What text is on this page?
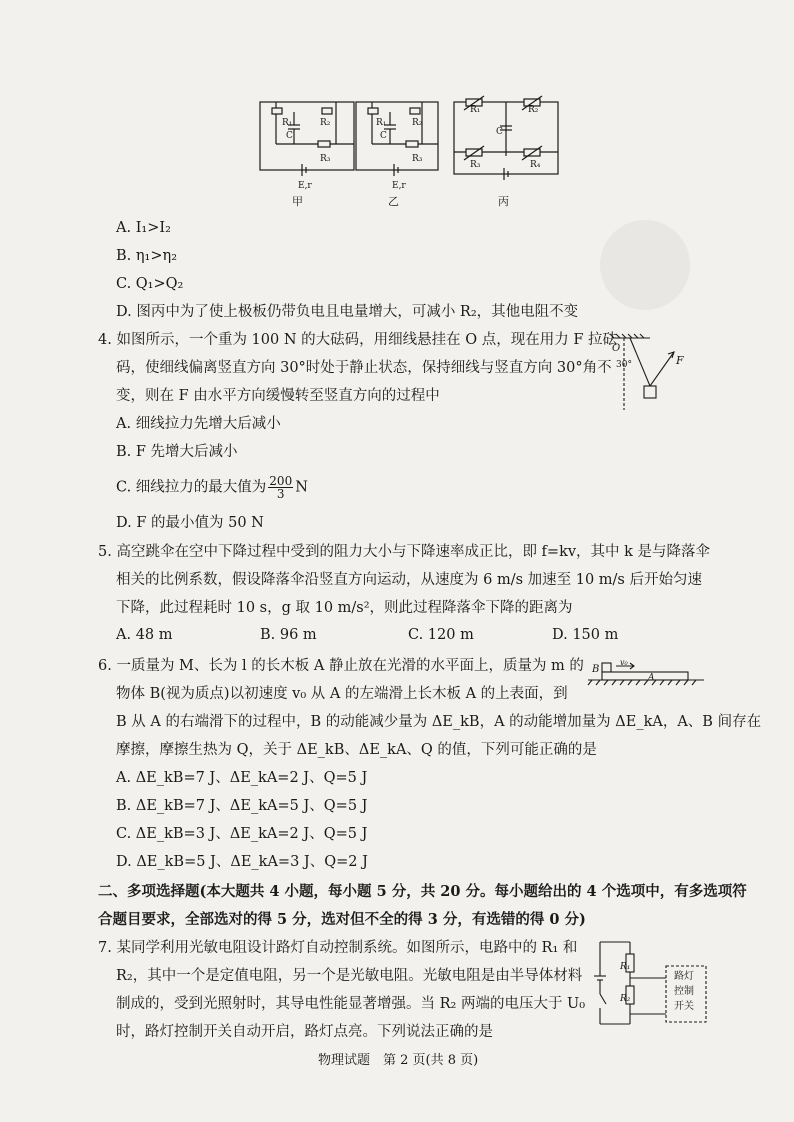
R₁	R₂
C
R₃
E,r
甲
R₁	R₂
C
R₃
E,r
乙
R₁	R₂
C
R₃	R₄
丙
A. I₁>I₂
B. η₁>η₂
C. Q₁>Q₂
D. 图丙中为了使上极板仍带负电且电量增大，可减小 R₂，其他电阻不变
4. 如图所示，一个重为 100 N 的大砝码，用细线悬挂在 O 点，现在用力 F 拉砝
码，使细线偏离竖直方向 30°时处于静止状态，保持细线与竖直方向 30°角不
变，则在 F 由水平方向缓慢转至竖直方向的过程中
A. 细线拉力先增大后减小
B. F 先增大后减小
C. 细线拉力的最大值为 $\frac{200}{3}$ N
D. F 的最小值为 50 N
O
30°	F
5. 高空跳伞在空中下降过程中受到的阻力大小与下降速率成正比，即 f=kv，其中 k 是与降落伞
相关的比例系数，假设降落伞沿竖直方向运动，从速度为 6 m/s 加速至 10 m/s 后开始匀速
下降，此过程耗时 10 s，g 取 10 m/s²，则此过程降落伞下降的距离为
A. 48 m	B. 96 m	C. 120 m	D. 150 m
6. 一质量为 M、长为 l 的长木板 A 静止放在光滑的水平面上，质量为 m 的
物体 B(视为质点)以初速度 v₀ 从 A 的左端滑上长木板 A 的上表面，到
B 从 A 的右端滑下的过程中，B 的动能减少量为 ΔE_kB，A 的动能增加量为 ΔE_kA，A、B 间存在
摩擦，摩擦生热为 Q，关于 ΔE_kB、ΔE_kA、Q 的值，下列可能正确的是
A. ΔE_kB=7 J、ΔE_kA=2 J、Q=5 J
B. ΔE_kB=7 J、ΔE_kA=5 J、Q=5 J
C. ΔE_kB=3 J、ΔE_kA=2 J、Q=5 J
D. ΔE_kB=5 J、ΔE_kA=3 J、Q=2 J
B
v₀
A
二、多项选择题(本大题共 4 小题，每小题 5 分，共 20 分。每小题给出的 4 个选项中，有多选项符
合题目要求，全部选对的得 5 分，选对但不全的得 3 分，有选错的得 0 分)
7. 某同学利用光敏电阻设计路灯自动控制系统。如图所示，电路中的 R₁ 和
R₂，其中一个是定值电阻，另一个是光敏电阻。光敏电阻是由半导体材料
制成的，受到光照射时，其导电性能显著增强。当 R₂ 两端的电压大于 U₀
时，路灯控制开关自动开启，路灯点亮。下列说法正确的是
R₁
R₂
路灯
控制
开关
物理试题　第 2 页(共 8 页)
